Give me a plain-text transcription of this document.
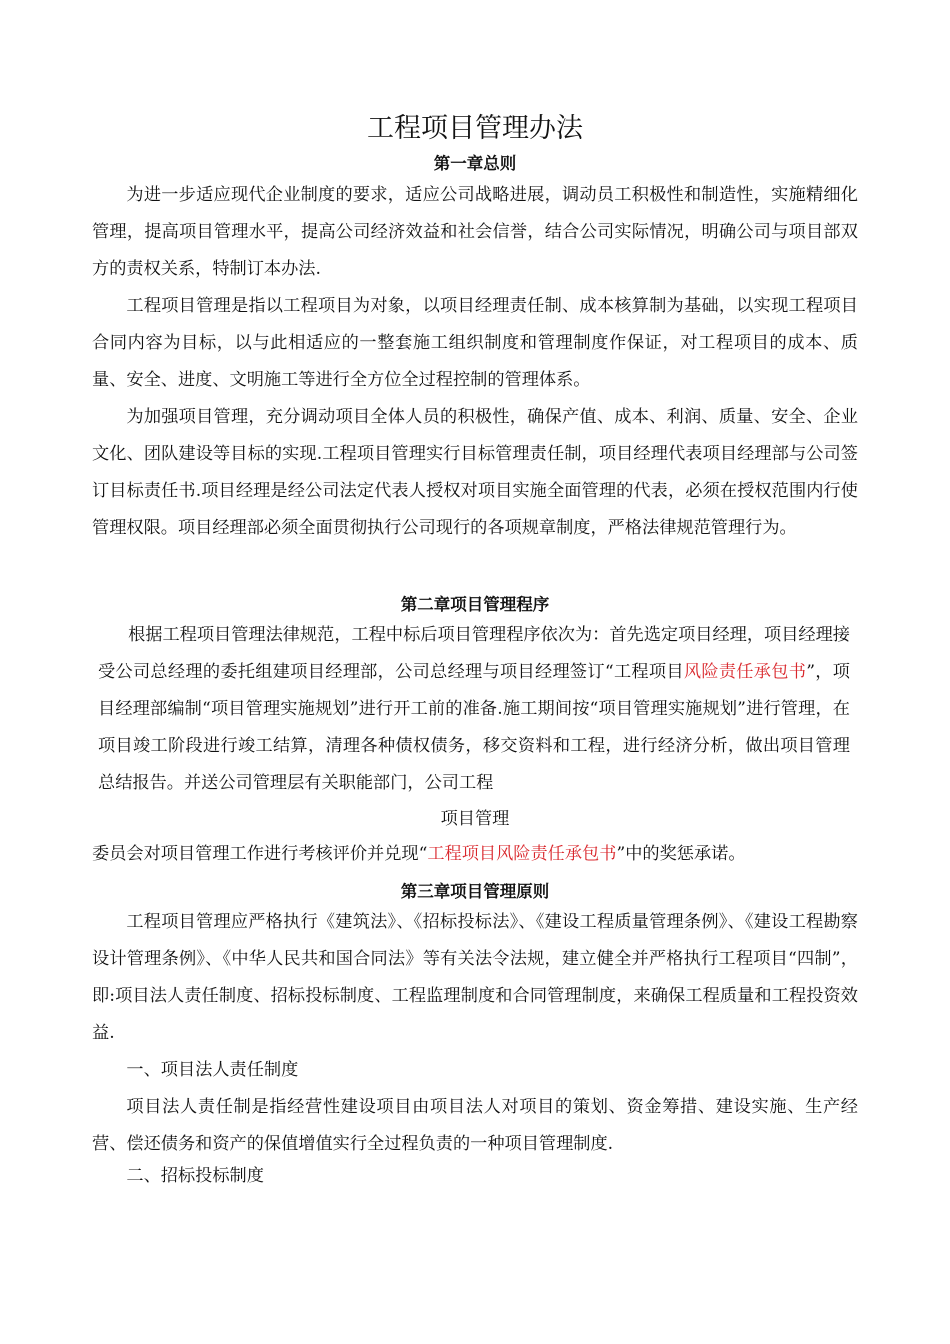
工程项目管理办法
第一章总则

为进一步适应现代企业制度的要求，适应公司战略进展，调动员工积极性和制造性，实施精细化管理，提高项目管理水平，提高公司经济效益和社会信誉，结合公司实际情况，明确公司与项目部双方的责权关系，特制订本办法.

工程项目管理是指以工程项目为对象，以项目经理责任制、成本核算制为基础，以实现工程项目合同内容为目标，以与此相适应的一整套施工组织制度和管理制度作保证，对工程项目的成本、质量、安全、进度、文明施工等进行全方位全过程控制的管理体系。

为加强项目管理，充分调动项目全体人员的积极性，确保产值、成本、利润、质量、安全、企业文化、团队建设等目标的实现.工程项目管理实行目标管理责任制，项目经理代表项目经理部与公司签订目标责任书.项目经理是经公司法定代表人授权对项目实施全面管理的代表，必须在授权范围内行使管理权限。项目经理部必须全面贯彻执行公司现行的各项规章制度，严格法律规范管理行为。

第二章项目管理程序

根据工程项目管理法律规范，工程中标后项目管理程序依次为：首先选定项目经理，项目经理接受公司总经理的委托组建项目经理部，公司总经理与项目经理签订“工程项目风险责任承包书”，项目经理部编制“项目管理实施规划”进行开工前的准备.施工期间按“项目管理实施规划”进行管理，在项目竣工阶段进行竣工结算，清理各种债权债务，移交资料和工程，进行经济分析，做出项目管理总结报告。并送公司管理层有关职能部门，公司工程

项目管理

委员会对项目管理工作进行考核评价并兑现“工程项目风险责任承包书”中的奖惩承诺。

第三章项目管理原则

工程项目管理应严格执行《建筑法》、《招标投标法》、《建设工程质量管理条例》、《建设工程勘察设计管理条例》、《中华人民共和国合同法》等有关法令法规，建立健全并严格执行工程项目“四制”，即:项目法人责任制度、招标投标制度、工程监理制度和合同管理制度，来确保工程质量和工程投资效益.

一、项目法人责任制度

项目法人责任制是指经营性建设项目由项目法人对项目的策划、资金筹措、建设实施、生产经营、偿还债务和资产的保值增值实行全过程负责的一种项目管理制度.

二、招标投标制度
